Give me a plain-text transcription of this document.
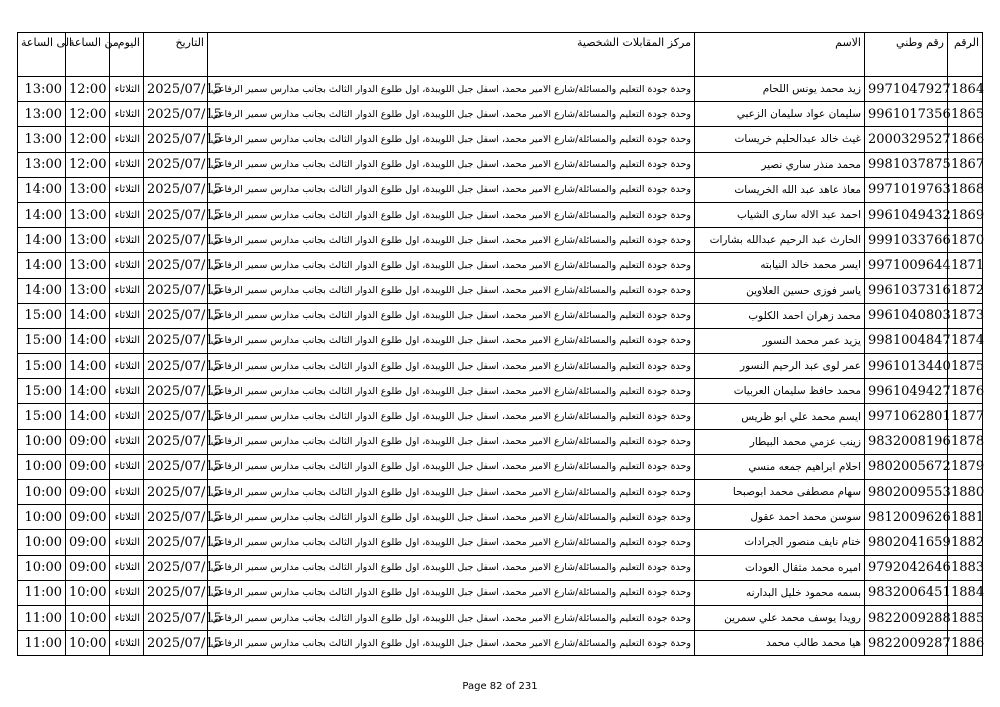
الى الساعة	من الساعة	اليوم	التاريخ	مركز المقابلات الشخصية	الاسم	رقم وطني	الرقم
13:00	12:00	الثلاثاء	2025/07/15	وحدة جودة التعليم والمسائلة/شارع الامير محمد، اسفل جبل اللويبدة، اول طلوع الدوار الثالث بجانب مدارس سمير الرفاعي	زيد محمد يونس اللحام	9971047927	1864
13:00	12:00	الثلاثاء	2025/07/15	وحدة جودة التعليم والمسائلة/شارع الامير محمد، اسفل جبل اللويبدة، اول طلوع الدوار الثالث بجانب مدارس سمير الرفاعي	سليمان عواد سليمان الزعبي	9961017356	1865
13:00	12:00	الثلاثاء	2025/07/15	وحدة جودة التعليم والمسائلة/شارع الامير محمد، اسفل جبل اللويبدة، اول طلوع الدوار الثالث بجانب مدارس سمير الرفاعي	غيث خالد عبدالحليم خريسات	2000329527	1866
13:00	12:00	الثلاثاء	2025/07/15	وحدة جودة التعليم والمسائلة/شارع الامير محمد، اسفل جبل اللويبدة، اول طلوع الدوار الثالث بجانب مدارس سمير الرفاعي	محمد منذر ساري نصير	9981037875	1867
14:00	13:00	الثلاثاء	2025/07/15	وحدة جودة التعليم والمسائلة/شارع الامير محمد، اسفل جبل اللويبدة، اول طلوع الدوار الثالث بجانب مدارس سمير الرفاعي	معاذ عاهد عبد الله الخريسات	9971019763	1868
14:00	13:00	الثلاثاء	2025/07/15	وحدة جودة التعليم والمسائلة/شارع الامير محمد، اسفل جبل اللويبدة، اول طلوع الدوار الثالث بجانب مدارس سمير الرفاعي	احمد عبد الاله سارى الشياب	9961049432	1869
14:00	13:00	الثلاثاء	2025/07/15	وحدة جودة التعليم والمسائلة/شارع الامير محمد، اسفل جبل اللويبدة، اول طلوع الدوار الثالث بجانب مدارس سمير الرفاعي	الحارث عبد الرحيم عبدالله بشارات	9991033766	1870
14:00	13:00	الثلاثاء	2025/07/15	وحدة جودة التعليم والمسائلة/شارع الامير محمد، اسفل جبل اللويبدة، اول طلوع الدوار الثالث بجانب مدارس سمير الرفاعي	ايسر محمد خالد النيابته	9971009644	1871
14:00	13:00	الثلاثاء	2025/07/15	وحدة جودة التعليم والمسائلة/شارع الامير محمد، اسفل جبل اللويبدة، اول طلوع الدوار الثالث بجانب مدارس سمير الرفاعي	ياسر فوزى حسين العلاوين	9961037316	1872
15:00	14:00	الثلاثاء	2025/07/15	وحدة جودة التعليم والمسائلة/شارع الامير محمد، اسفل جبل اللويبدة، اول طلوع الدوار الثالث بجانب مدارس سمير الرفاعي	محمد زهران احمد الكلوب	9961040803	1873
15:00	14:00	الثلاثاء	2025/07/15	وحدة جودة التعليم والمسائلة/شارع الامير محمد، اسفل جبل اللويبدة، اول طلوع الدوار الثالث بجانب مدارس سمير الرفاعي	يزيد عمر محمد النسور	9981004847	1874
15:00	14:00	الثلاثاء	2025/07/15	وحدة جودة التعليم والمسائلة/شارع الامير محمد، اسفل جبل اللويبدة، اول طلوع الدوار الثالث بجانب مدارس سمير الرفاعي	عمر لوى عبد الرحيم النسور	9961013440	1875
15:00	14:00	الثلاثاء	2025/07/15	وحدة جودة التعليم والمسائلة/شارع الامير محمد، اسفل جبل اللويبدة، اول طلوع الدوار الثالث بجانب مدارس سمير الرفاعي	محمد حافظ سليمان العربيات	9961049427	1876
15:00	14:00	الثلاثاء	2025/07/15	وحدة جودة التعليم والمسائلة/شارع الامير محمد، اسفل جبل اللويبدة، اول طلوع الدوار الثالث بجانب مدارس سمير الرفاعي	ايسم محمد علي ابو ظريس	9971062801	1877
10:00	09:00	الثلاثاء	2025/07/15	وحدة جودة التعليم والمسائلة/شارع الامير محمد، اسفل جبل اللويبدة، اول طلوع الدوار الثالث بجانب مدارس سمير الرفاعي	زينب عزمي محمد البيطار	9832008196	1878
10:00	09:00	الثلاثاء	2025/07/15	وحدة جودة التعليم والمسائلة/شارع الامير محمد، اسفل جبل اللويبدة، اول طلوع الدوار الثالث بجانب مدارس سمير الرفاعي	احلام ابراهيم جمعه منسي	9802005672	1879
10:00	09:00	الثلاثاء	2025/07/15	وحدة جودة التعليم والمسائلة/شارع الامير محمد، اسفل جبل اللويبدة، اول طلوع الدوار الثالث بجانب مدارس سمير الرفاعي	سهام مصطفى محمد ابوصبحا	9802009553	1880
10:00	09:00	الثلاثاء	2025/07/15	وحدة جودة التعليم والمسائلة/شارع الامير محمد، اسفل جبل اللويبدة، اول طلوع الدوار الثالث بجانب مدارس سمير الرفاعي	سوسن محمد احمد عقول	9812009626	1881
10:00	09:00	الثلاثاء	2025/07/15	وحدة جودة التعليم والمسائلة/شارع الامير محمد، اسفل جبل اللويبدة، اول طلوع الدوار الثالث بجانب مدارس سمير الرفاعي	ختام نايف منصور الجرادات	9802041659	1882
10:00	09:00	الثلاثاء	2025/07/15	وحدة جودة التعليم والمسائلة/شارع الامير محمد، اسفل جبل اللويبدة، اول طلوع الدوار الثالث بجانب مدارس سمير الرفاعي	اميره محمد مثقال العودات	9792042646	1883
11:00	10:00	الثلاثاء	2025/07/15	وحدة جودة التعليم والمسائلة/شارع الامير محمد، اسفل جبل اللويبدة، اول طلوع الدوار الثالث بجانب مدارس سمير الرفاعي	بسمه محمود خليل البدارنه	9832006451	1884
11:00	10:00	الثلاثاء	2025/07/15	وحدة جودة التعليم والمسائلة/شارع الامير محمد، اسفل جبل اللويبدة، اول طلوع الدوار الثالث بجانب مدارس سمير الرفاعي	رويدا يوسف محمد علي سمرين	9822009288	1885
11:00	10:00	الثلاثاء	2025/07/15	وحدة جودة التعليم والمسائلة/شارع الامير محمد، اسفل جبل اللويبدة، اول طلوع الدوار الثالث بجانب مدارس سمير الرفاعي	هيا محمد طالب محمد	9822009287	1886
Page 82 of 231
